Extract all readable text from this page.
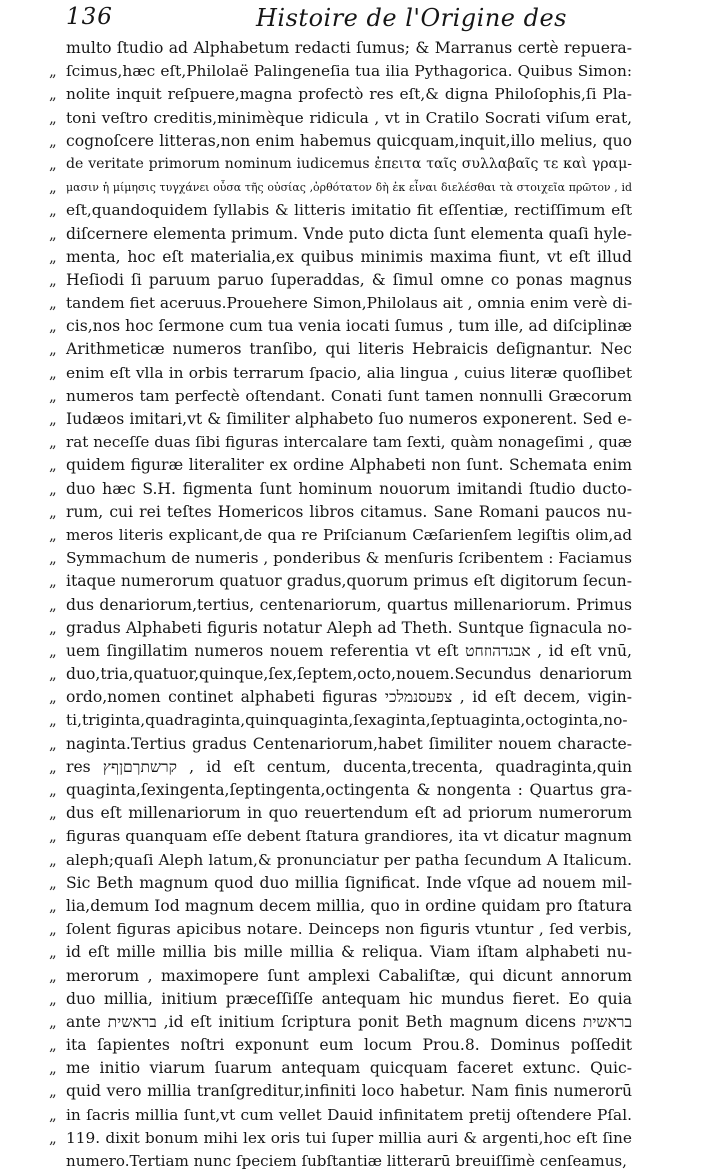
136	Histoire de l'Origine des
multo ſtudio ad Alphabetum redacti ſumus; & Marranus certè repuera-
„ ſcimus,hæc eſt,Philolaë Palingeneſia tua ilia Pythagorica. Quibus Simon:
„ nolite inquit reſpuere,magna profectò res eſt,& digna Philoſophis,ſi Pla-
„ toni veſtro creditis,minimèque ridicula , vt in Cratilo Socrati viſum erat,
„ cognoſcere litteras,non enim habemus quicquam,inquit,illo melius, quo
„ de veritate primorum nominum iudicemus ἐπειτα ταῖς συλλαβαῖς τε καὶ γραμ-
„ μασιν ἡ μίμησις τυγχάνει οὖσα τῆς οὐσίας ,ὀρθότατον δὴ ἐκ εἶναι διελέσθαι τὰ στοιχεῖα πρῶτον , id
„ eſt,quandoquidem ſyllabis & litteris imitatio fit eſſentiæ, rectiſſimum eſt
„ diſcernere elementa primum. Vnde puto dicta ſunt elementa quaſi hyle-
„ menta, hoc eſt materialia,ex quibus minimis maxima fiunt, vt eſt illud
„ Heſiodi ſi paruum paruo ſuperaddas, & ſimul omne co ponas magnus
„ tandem fiet aceruus.Prouehere Simon,Philolaus ait , omnia enim verè di-
„ cis,nos hoc ſermone cum tua venia iocati ſumus , tum ille, ad diſciplinæ
„ Arithmeticæ numeros tranſibo, qui literis Hebraicis deſignantur. Nec
„ enim eſt vlla in orbis terrarum ſpacio, alia lingua , cuius literæ quoſlibet
„ numeros tam perfectè oſtendant. Conati ſunt tamen nonnulli Græcorum
„ Iudæos imitari,vt & ſimiliter alphabeto ſuo numeros exponerent. Sed e-
„ rat neceſſe duas ſibi figuras intercalare tam ſexti, quàm nonageſimi , quæ
„ quidem figuræ literaliter ex ordine Alphabeti non ſunt. Schemata enim
„ duo hæc S.H. figmenta ſunt hominum nouorum imitandi ſtudio ducto-
„ rum, cui rei teſtes Homericos libros citamus. Sane Romani paucos nu-
„ meros literis explicant,de qua re Priſcianum Cæſarienſem legiſtis olim,ad
„ Symmachum de numeris , ponderibus & menſuris ſcribentem : Faciamus
„ itaque numerorum quatuor gradus,quorum primus eſt digitorum ſecun-
„ dus denariorum,tertius, centenariorum, quartus millenariorum. Primus
„ gradus Alphabeti figuris notatur Aleph ad Theth. Suntque ſignacula no-
„ uem ſingillatim numeros nouem referentia vt eſt אבגדהוזחט , id eſt vnū,
„ duo,tria,quatuor,quinque,ſex,ſeptem,octo,nouem.Secundus denariorum
„ ordo,nomen continet alphabeti figuras צפעסנמלכי , id eſt decem, vigin-
„ ti,triginta,quadraginta,quinquaginta,ſexaginta,ſeptuaginta,octoginta,no-
„ naginta.Tertius gradus Centenariorum,habet ſimiliter nouem characte-
„ res קרשתךםןףץ , id eſt centum, ducenta,trecenta, quadraginta,quin
„ quaginta,ſexingenta,ſeptingenta,octingenta & nongenta : Quartus gra-
„ dus eſt millenariorum in quo reuertendum eſt ad priorum numerorum
„ figuras quanquam eſſe debent ſtatura grandiores, ita vt dicatur magnum
„ aleph;quaſi Aleph latum,& pronunciatur per patha ſecundum A Italicum.
„ Sic Beth magnum quod duo millia ſignificat. Inde vſque ad nouem mil-
„ lia,demum Iod magnum decem millia, quo in ordine quidam pro ſtatura
„ ſolent figuras apicibus notare. Deinceps non figuris vtuntur , ſed verbis,
„ id eſt mille millia bis mille millia & reliqua. Viam iſtam alphabeti nu-
„ merorum , maximopere ſunt amplexi Cabaliſtæ, qui dicunt annorum
„ duo millia, initium præceſſiſſe antequam hic mundus fieret. Eo quia
„ ante בראשית ,id eſt initium ſcriptura ponit Beth magnum dicens בראשית
„ ita ſapientes noſtri exponunt eum locum Prou.8. Dominus poſſedit
„ me initio viarum ſuarum antequam quicquam faceret extunc. Quic-
„ quid vero millia tranſgreditur,infiniti loco habetur. Nam finis numerorū
„ in ſacris millia ſunt,vt cum vellet Dauid infinitatem pretij oſtendere Pſal.
„ 119. dixit bonum mihi lex oris tui ſuper millia auri & argenti,hoc eſt ſine
numero.Tertiam nunc ſpeciem ſubſtantiæ litterarū breuiſſimè cenſeamus,
